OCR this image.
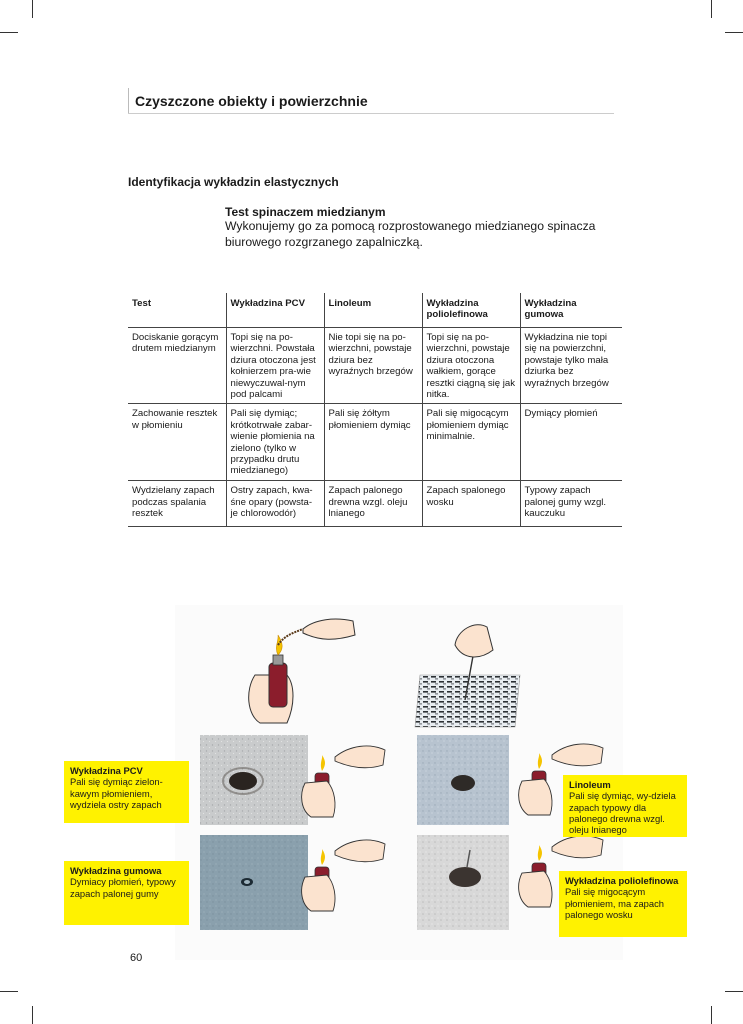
Czyszczone obiekty i powierzchnie
Identyfikacja wykładzin elastycznych
Test spinaczem miedzianym
Wykonujemy go za pomocą rozprostowanego miedzianego spinacza biurowego rozgrzanego zapalniczką.
Test	Wykładzina PCV	Linoleum	Wykładzina poliolefinowa	Wykładzina gumowa
Dociskanie gorącym drutem miedzianym	Topi się na po-wierzchni. Powstała dziura otoczona jest kołnierzem pra-wie niewyczuwal-nym pod palcami	Nie topi się na po-wierzchni, powstaje dziura bez wyraźnych brzegów	Topi się na po-wierzchni, powstaje dziura otoczona wałkiem, gorące resztki ciągną się jak nitka.	Wykładzina nie topi się na powierzchni, powstaje tylko mała dziurka bez wyraźnych brzegów
Zachowanie resztek w płomieniu	Pali się dymiąc; krótkotrwałe zabar-wienie płomienia na zielono (tylko w przypadku drutu miedzianego)	Pali się żółtym płomieniem dymiąc	Pali się migocącym płomieniem dymiąc minimalnie.	Dymiący płomień
Wydzielany zapach podczas spalania resztek	Ostry zapach, kwa-śne opary (powsta-je chlorowodór)	Zapach palonego drewna wzgl. oleju lnianego	Zapach spalonego wosku	Typowy zapach palonej gumy wzgl. kauczuku
Wykładzina PCV
Pali się dymiąc zielon-kawym płomieniem, wydziela ostry zapach
Wykładzina gumowa
Dymiacy płomień, typowy zapach palonej gumy
Linoleum
Pali się dymiąc, wy-dziela zapach typowy dla palonego drewna wzgl. oleju lnianego
Wykładzina poliolefinowa
Pali się migocącym płomieniem, ma zapach palonego wosku
60
